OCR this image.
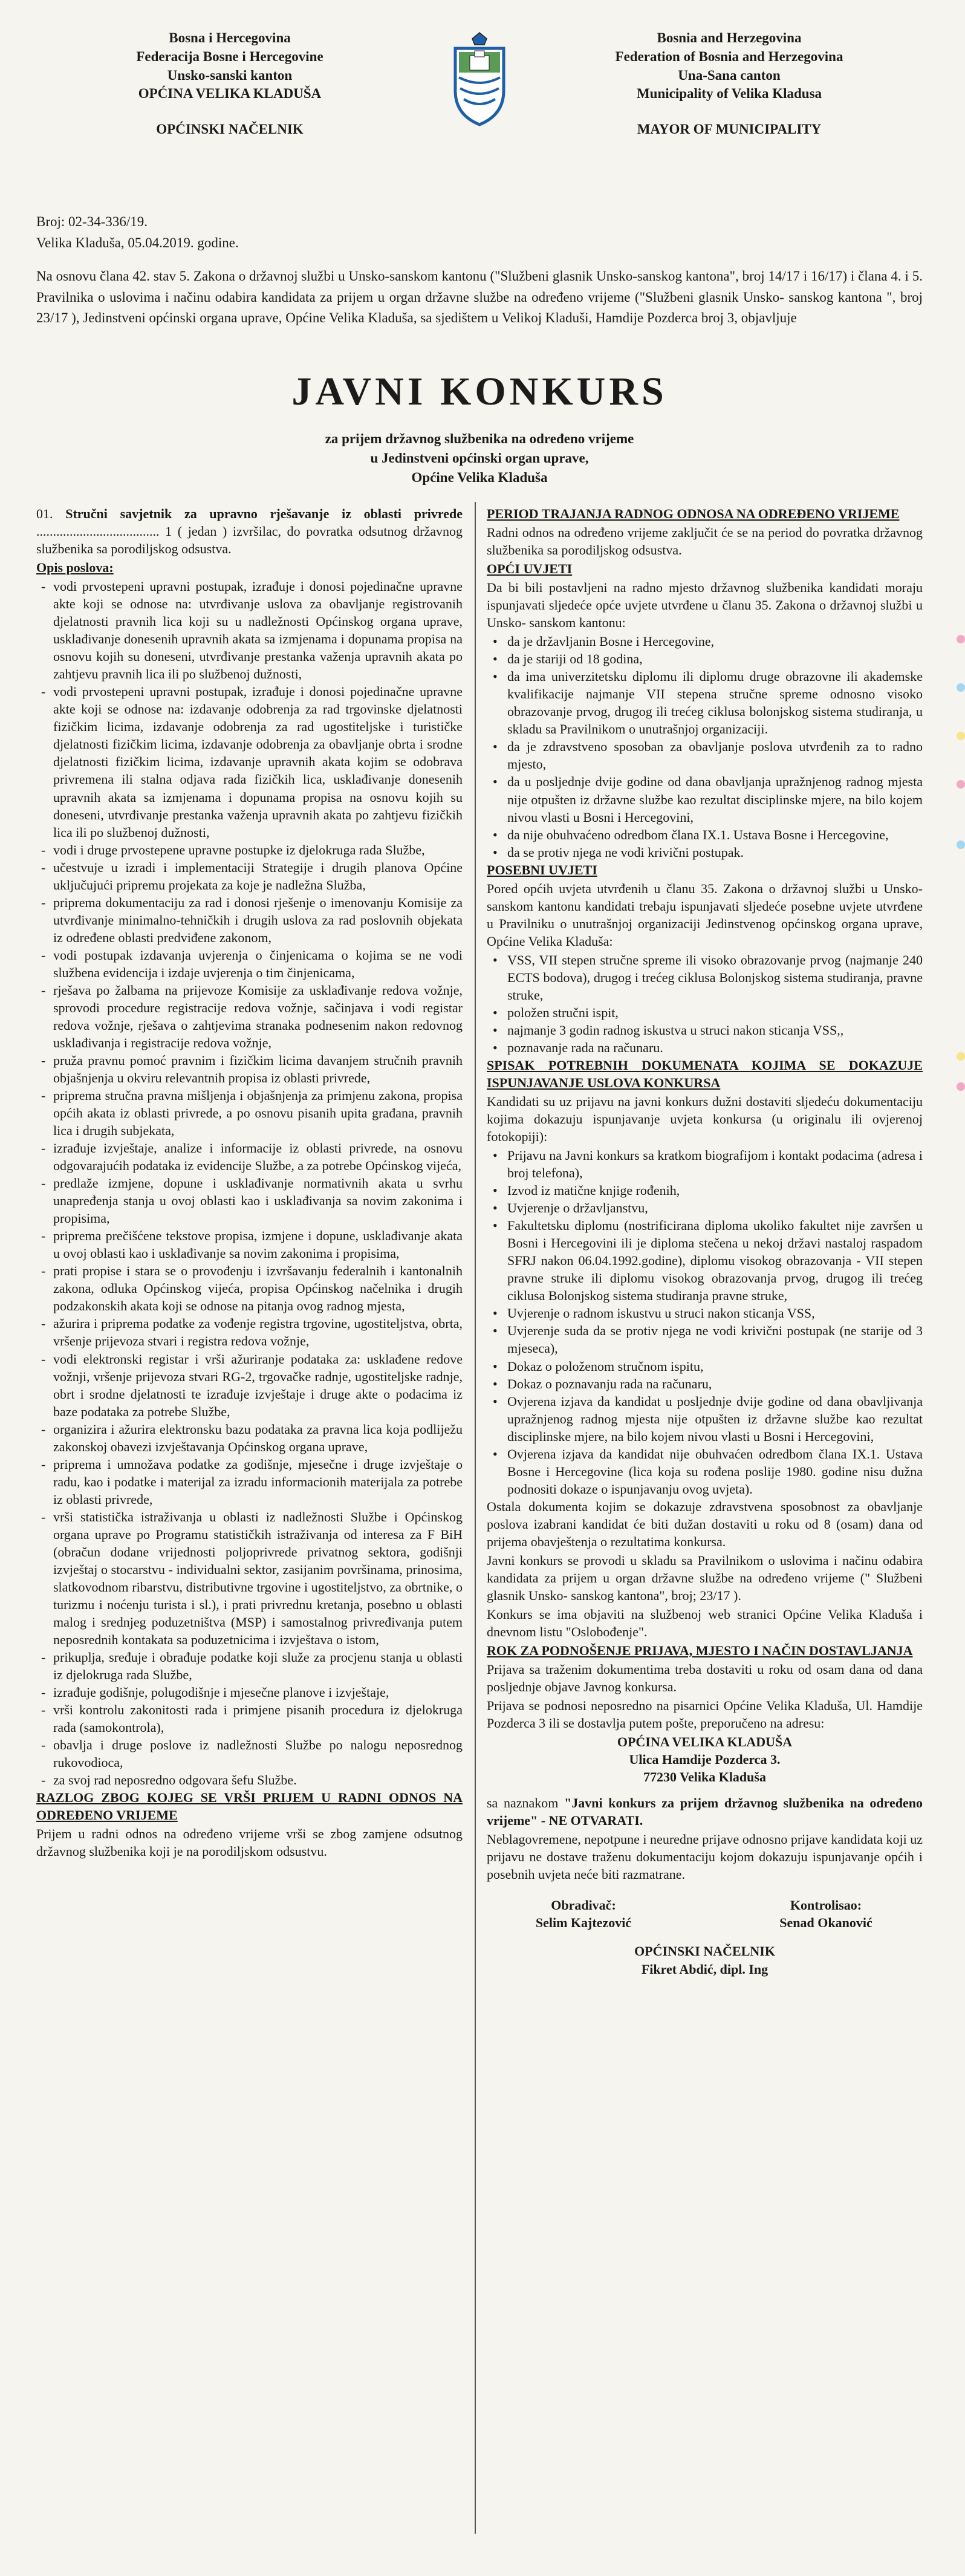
Bosna i Hercegovina
Federacija Bosne i Hercegovine
Unsko-sanski kanton
OPĆINA VELIKA KLADUŠA
OPĆINSKI NAČELNIK
Bosnia and Herzegovina
Federation of Bosnia and Herzegovina
Una-Sana canton
Municipality of Velika Kladusa
MAYOR OF MUNICIPALITY
Broj: 02-34-336/19.
Velika Kladuša, 05.04.2019. godine.
Na osnovu člana 42. stav 5. Zakona o državnoj službi u Unsko-sanskom kantonu ("Službeni glasnik Unsko-sanskog kantona", broj 14/17 i 16/17) i člana 4. i 5. Pravilnika o uslovima i načinu odabira kandidata za prijem u organ državne službe na određeno vrijeme ("Službeni glasnik Unsko- sanskog kantona ", broj 23/17 ), Jedinstveni općinski organa uprave, Općine Velika Kladuša, sa sjedištem u Velikoj Kladuši, Hamdije Pozderca broj 3, objavljuje
JAVNI KONKURS
za prijem državnog službenika na određeno vrijeme
u Jedinstveni općinski organ uprave,
Općine Velika Kladuša

01. Stručni savjetnik za upravno rješavanje iz oblasti privrede ..................................... 1 ( jedan ) izvršilac, do povratka odsutnog državnog službenika sa porodiljskog odsustva.

Opis poslova:

- vodi prvostepeni upravni postupak, izrađuje i donosi pojedinačne upravne akte koji se odnose na: utvrđivanje uslova za obavljanje registrovanih djelatnosti pravnih lica koji su u nadležnosti Općinskog organa uprave, usklađivanje donesenih upravnih akata sa izmjenama i dopunama propisa na osnovu kojih su doneseni, utvrđivanje prestanka važenja upravnih akata po zahtjevu pravnih lica ili po službenoj dužnosti,
- vodi prvostepeni upravni postupak, izrađuje i donosi pojedinačne upravne akte koji se odnose na: izdavanje odobrenja za rad trgovinske djelatnosti fizičkim licima, izdavanje odobrenja za rad ugostiteljske i turističke djelatnosti fizičkim licima, izdavanje odobrenja za obavljanje obrta i srodne djelatnosti fizičkim licima, izdavanje upravnih akata kojim se odobrava privremena ili stalna odjava rada fizičkih lica, usklađivanje donesenih upravnih akata sa izmjenama i dopunama propisa na osnovu kojih su doneseni, utvrđivanje prestanka važenja upravnih akata po zahtjevu fizičkih lica ili po službenoj dužnosti,
- vodi i druge prvostepene upravne postupke iz djelokruga rada Službe,
- učestvuje u izradi i implementaciji Strategije i drugih planova Općine uključujući pripremu projekata za koje je nadležna Služba,
- priprema dokumentaciju za rad i donosi rješenje o imenovanju Komisije za utvrđivanje minimalno-tehničkih i drugih uslova za rad poslovnih objekata iz određene oblasti predviđene zakonom,
- vodi postupak izdavanja uvjerenja o činjenicama o kojima se ne vodi službena evidencija i izdaje uvjerenja o tim činjenicama,
- rješava po žalbama na prijevoze Komisije za usklađivanje redova vožnje, sprovodi procedure registracije redova vožnje, sačinjava i vodi registar redova vožnje, rješava o zahtjevima stranaka podnesenim nakon redovnog usklađivanja i registracije redova vožnje,
- pruža pravnu pomoć pravnim i fizičkim licima davanjem stručnih pravnih objašnjenja u okviru relevantnih propisa iz oblasti privrede,
- priprema stručna pravna mišljenja i objašnjenja za primjenu zakona, propisa općih akata iz oblasti privrede, a po osnovu pisanih upita građana, pravnih lica i drugih subjekata,
- izrađuje izvještaje, analize i informacije iz oblasti privrede, na osnovu odgovarajućih podataka iz evidencije Službe, a za potrebe Općinskog vijeća,
- predlaže izmjene, dopune i usklađivanje normativnih akata u svrhu unapređenja stanja u ovoj oblasti kao i usklađivanja sa novim zakonima i propisima,
- priprema prečišćene tekstove propisa, izmjene i dopune, usklađivanje akata u ovoj oblasti kao i usklađivanje sa novim zakonima i propisima,
- prati propise i stara se o provođenju i izvršavanju federalnih i kantonalnih zakona, odluka Općinskog vijeća, propisa Općinskog načelnika i drugih podzakonskih akata koji se odnose na pitanja ovog radnog mjesta,
- ažurira i priprema podatke za vođenje registra trgovine, ugostiteljstva, obrta, vršenje prijevoza stvari i registra redova vožnje,
- vodi elektronski registar i vrši ažuriranje podataka za: usklađene redove vožnji, vršenje prijevoza stvari RG-2, trgovačke radnje, ugostiteljske radnje, obrt i srodne djelatnosti te izrađuje izvještaje i druge akte o podacima iz baze podataka za potrebe Službe,
- organizira i ažurira elektronsku bazu podataka za pravna lica koja podliježu zakonskoj obavezi izvještavanja Općinskog organa uprave,
- priprema i umnožava podatke za godišnje, mjesečne i druge izvještaje o radu, kao i podatke i materijal za izradu informacionih materijala za potrebe iz oblasti privrede,
- vrši statistička istraživanja u oblasti iz nadležnosti Službe i Općinskog organa uprave po Programu statističkih istraživanja od interesa za F BiH (obračun dodane vrijednosti poljoprivrede privatnog sektora, godišnji izvještaj o stocarstvu - individualni sektor, zasijanim površinama, prinosima, slatkovodnom ribarstvu, distributivne trgovine i ugostiteljstvo, za obrtnike, o turizmu i noćenju turista i sl.), i prati privrednu kretanja, posebno u oblasti malog i srednjeg poduzetništva (MSP) i samostalnog privređivanja putem neposrednih kontakata sa poduzetnicima i izvještava o istom,
- prikuplja, sređuje i obrađuje podatke koji služe za procjenu stanja u oblasti iz djelokruga rada Službe,
- izrađuje godišnje, polugodišnje i mjesečne planove i izvještaje,
- vrši kontrolu zakonitosti rada i primjene pisanih procedura iz djelokruga rada (samokontrola),
- obavlja i druge poslove iz nadležnosti Službe po nalogu neposrednog rukovodioca,
- za svoj rad neposredno odgovara šefu Službe.

RAZLOG ZBOG KOJEG SE VRŠI PRIJEM U RADNI ODNOS NA ODREĐENO VRIJEME

Prijem u radni odnos na određeno vrijeme vrši se zbog zamjene odsutnog državnog službenika koji je na porodiljskom odsustvu.

PERIOD TRAJANJA RADNOG ODNOSA NA ODREĐENO VRIJEME

Radni odnos na određeno vrijeme zaključit će se na period do povratka državnog službenika sa porodiljskog odsustva.

OPĆI UVJETI

Da bi bili postavljeni na radno mjesto državnog službenika kandidati moraju ispunjavati sljedeće opće uvjete utvrđene u članu 35. Zakona o državnoj službi u Unsko- sanskom kantonu:

• da je državljanin Bosne i Hercegovine,
• da je stariji od 18 godina,
• da ima univerzitetsku diplomu ili diplomu druge obrazovne ili akademske kvalifikacije najmanje VII stepena stručne spreme odnosno visoko obrazovanje prvog, drugog ili trećeg ciklusa bolonjskog sistema studiranja, u skladu sa Pravilnikom o unutrašnjoj organizaciji.
• da je zdravstveno sposoban za obavljanje poslova utvrđenih za to radno mjesto,
• da u posljednje dvije godine od dana obavljanja upražnjenog radnog mjesta nije otpušten iz državne službe kao rezultat disciplinske mjere, na bilo kojem nivou vlasti u Bosni i Hercegovini,
• da nije obuhvaćeno odredbom člana IX.1. Ustava Bosne i Hercegovine,
• da se protiv njega ne vodi krivični postupak.

POSEBNI UVJETI

Pored općih uvjeta utvrđenih u članu 35. Zakona o državnoj službi u Unsko-sanskom kantonu kandidati trebaju ispunjavati sljedeće posebne uvjete utvrđene u Pravilniku o unutrašnjoj organizaciji Jedinstvenog općinskog organa uprave, Općine Velika Kladuša:

• VSS, VII stepen stručne spreme ili visoko obrazovanje prvog (najmanje 240 ECTS bodova), drugog i trećeg ciklusa Bolonjskog sistema studiranja, pravne struke,
• položen stručni ispit,
• najmanje 3 godin radnog iskustva u struci nakon sticanja VSS,,
• poznavanje rada na računaru.

SPISAK POTREBNIH DOKUMENATA KOJIMA SE DOKAZUJE ISPUNJAVANJE USLOVA KONKURSA

Kandidati su uz prijavu na javni konkurs dužni dostaviti sljedeću dokumentaciju kojima dokazuju ispunjavanje uvjeta konkursa (u originalu ili ovjerenoj fotokopiji):

• Prijavu na Javni konkurs sa kratkom biografijom i kontakt podacima (adresa i broj telefona),
• Izvod iz matične knjige rođenih,
• Uvjerenje o državljanstvu,
• Fakultetsku diplomu (nostrificirana diploma ukoliko fakultet nije završen u Bosni i Hercegovini ili je diploma stečena u nekoj državi nastaloj raspadom SFRJ nakon 06.04.1992.godine), diplomu visokog obrazovanja - VII stepen pravne struke ili diplomu visokog obrazovanja prvog, drugog ili trećeg ciklusa Bolonjskog sistema studiranja pravne struke,
• Uvjerenje o radnom iskustvu u struci nakon sticanja VSS,
• Uvjerenje suda da se protiv njega ne vodi krivični postupak (ne starije od 3 mjeseca),
• Dokaz o položenom stručnom ispitu,
• Dokaz o poznavanju rada na računaru,
• Ovjerena izjava da kandidat u posljednje dvije godine od dana obavljivanja upražnjenog radnog mjesta nije otpušten iz državne službe kao rezultat disciplinske mjere, na bilo kojem nivou vlasti u Bosni i Hercegovini,
• Ovjerena izjava da kandidat nije obuhvaćen odredbom člana IX.1. Ustava Bosne i Hercegovine (lica koja su rođena poslije 1980. godine nisu dužna podnositi dokaze o ispunjavanju ovog uvjeta).

Ostala dokumenta kojim se dokazuje zdravstvena sposobnost za obavljanje poslova izabrani kandidat će biti dužan dostaviti u roku od 8 (osam) dana od prijema obavještenja o rezultatima konkursa.

Javni konkurs se provodi u skladu sa Pravilnikom o uslovima i načinu odabira kandidata za prijem u organ državne službe na određeno vrijeme (" Službeni glasnik Unsko- sanskog kantona", broj; 23/17 ).

Konkurs se ima objaviti na službenoj web stranici Općine Velika Kladuša i dnevnom listu "Oslobođenje".

ROK ZA PODNOŠENJE PRIJAVA, MJESTO I NAČIN DOSTAVLJANJA

Prijava sa traženim dokumentima treba dostaviti u roku od osam dana od dana posljednje objave Javnog konkursa.

Prijava se podnosi neposredno na pisarnici Općine Velika Kladuša, Ul. Hamdije Pozderca 3 ili se dostavlja putem pošte, preporučeno na adresu:

OPĆINA VELIKA KLADUŠA
Ulica Hamdije Pozderca 3.
77230 Velika Kladuša

sa naznakom "Javni konkurs za prijem državnog službenika na određeno vrijeme" - NE OTVARATI.

Neblagovremene, nepotpune i neuredne prijave odnosno prijave kandidata koji uz prijavu ne dostave traženu dokumentaciju kojom dokazuju ispunjavanje općih i posebnih uvjeta neće biti razmatrane.

Obradivač:
Selim Kajtezović
Kontrolisao:
Senad Okanović
OPĆINSKI NAČELNIK
Fikret Abdić, dipl. Ing
